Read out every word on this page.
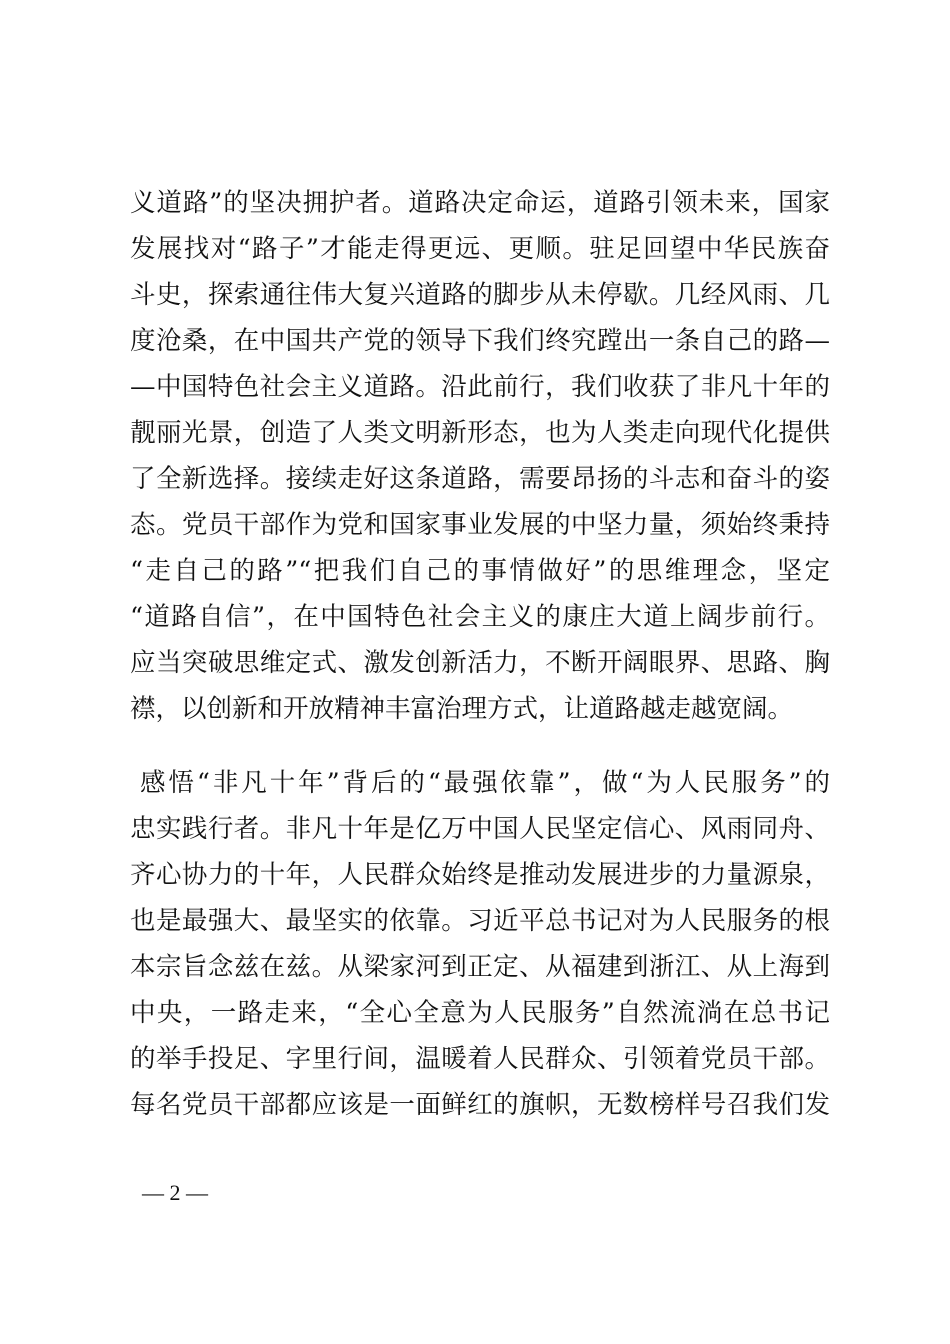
义道路”的坚决拥护者。道路决定命运，道路引领未来，国家
发展找对“路子”才能走得更远、更顺。驻足回望中华民族奋
斗史，探索通往伟大复兴道路的脚步从未停歇。几经风雨、几
度沧桑，在中国共产党的领导下我们终究蹚出一条自己的路—
—中国特色社会主义道路。沿此前行，我们收获了非凡十年的
靓丽光景，创造了人类文明新形态，也为人类走向现代化提供
了全新选择。接续走好这条道路，需要昂扬的斗志和奋斗的姿
态。党员干部作为党和国家事业发展的中坚力量，须始终秉持
“走自己的路”“把我们自己的事情做好”的思维理念，坚定
“道路自信”，在中国特色社会主义的康庄大道上阔步前行。
应当突破思维定式、激发创新活力，不断开阔眼界、思路、胸
襟，以创新和开放精神丰富治理方式，让道路越走越宽阔。
感悟“非凡十年”背后的“最强依靠”，做“为人民服务”的
忠实践行者。非凡十年是亿万中国人民坚定信心、风雨同舟、
齐心协力的十年，人民群众始终是推动发展进步的力量源泉，
也是最强大、最坚实的依靠。习近平总书记对为人民服务的根
本宗旨念兹在兹。从梁家河到正定、从福建到浙江、从上海到
中央，一路走来，“全心全意为人民服务”自然流淌在总书记
的举手投足、字里行间，温暖着人民群众、引领着党员干部。
每名党员干部都应该是一面鲜红的旗帜，无数榜样号召我们发
— 2 —
